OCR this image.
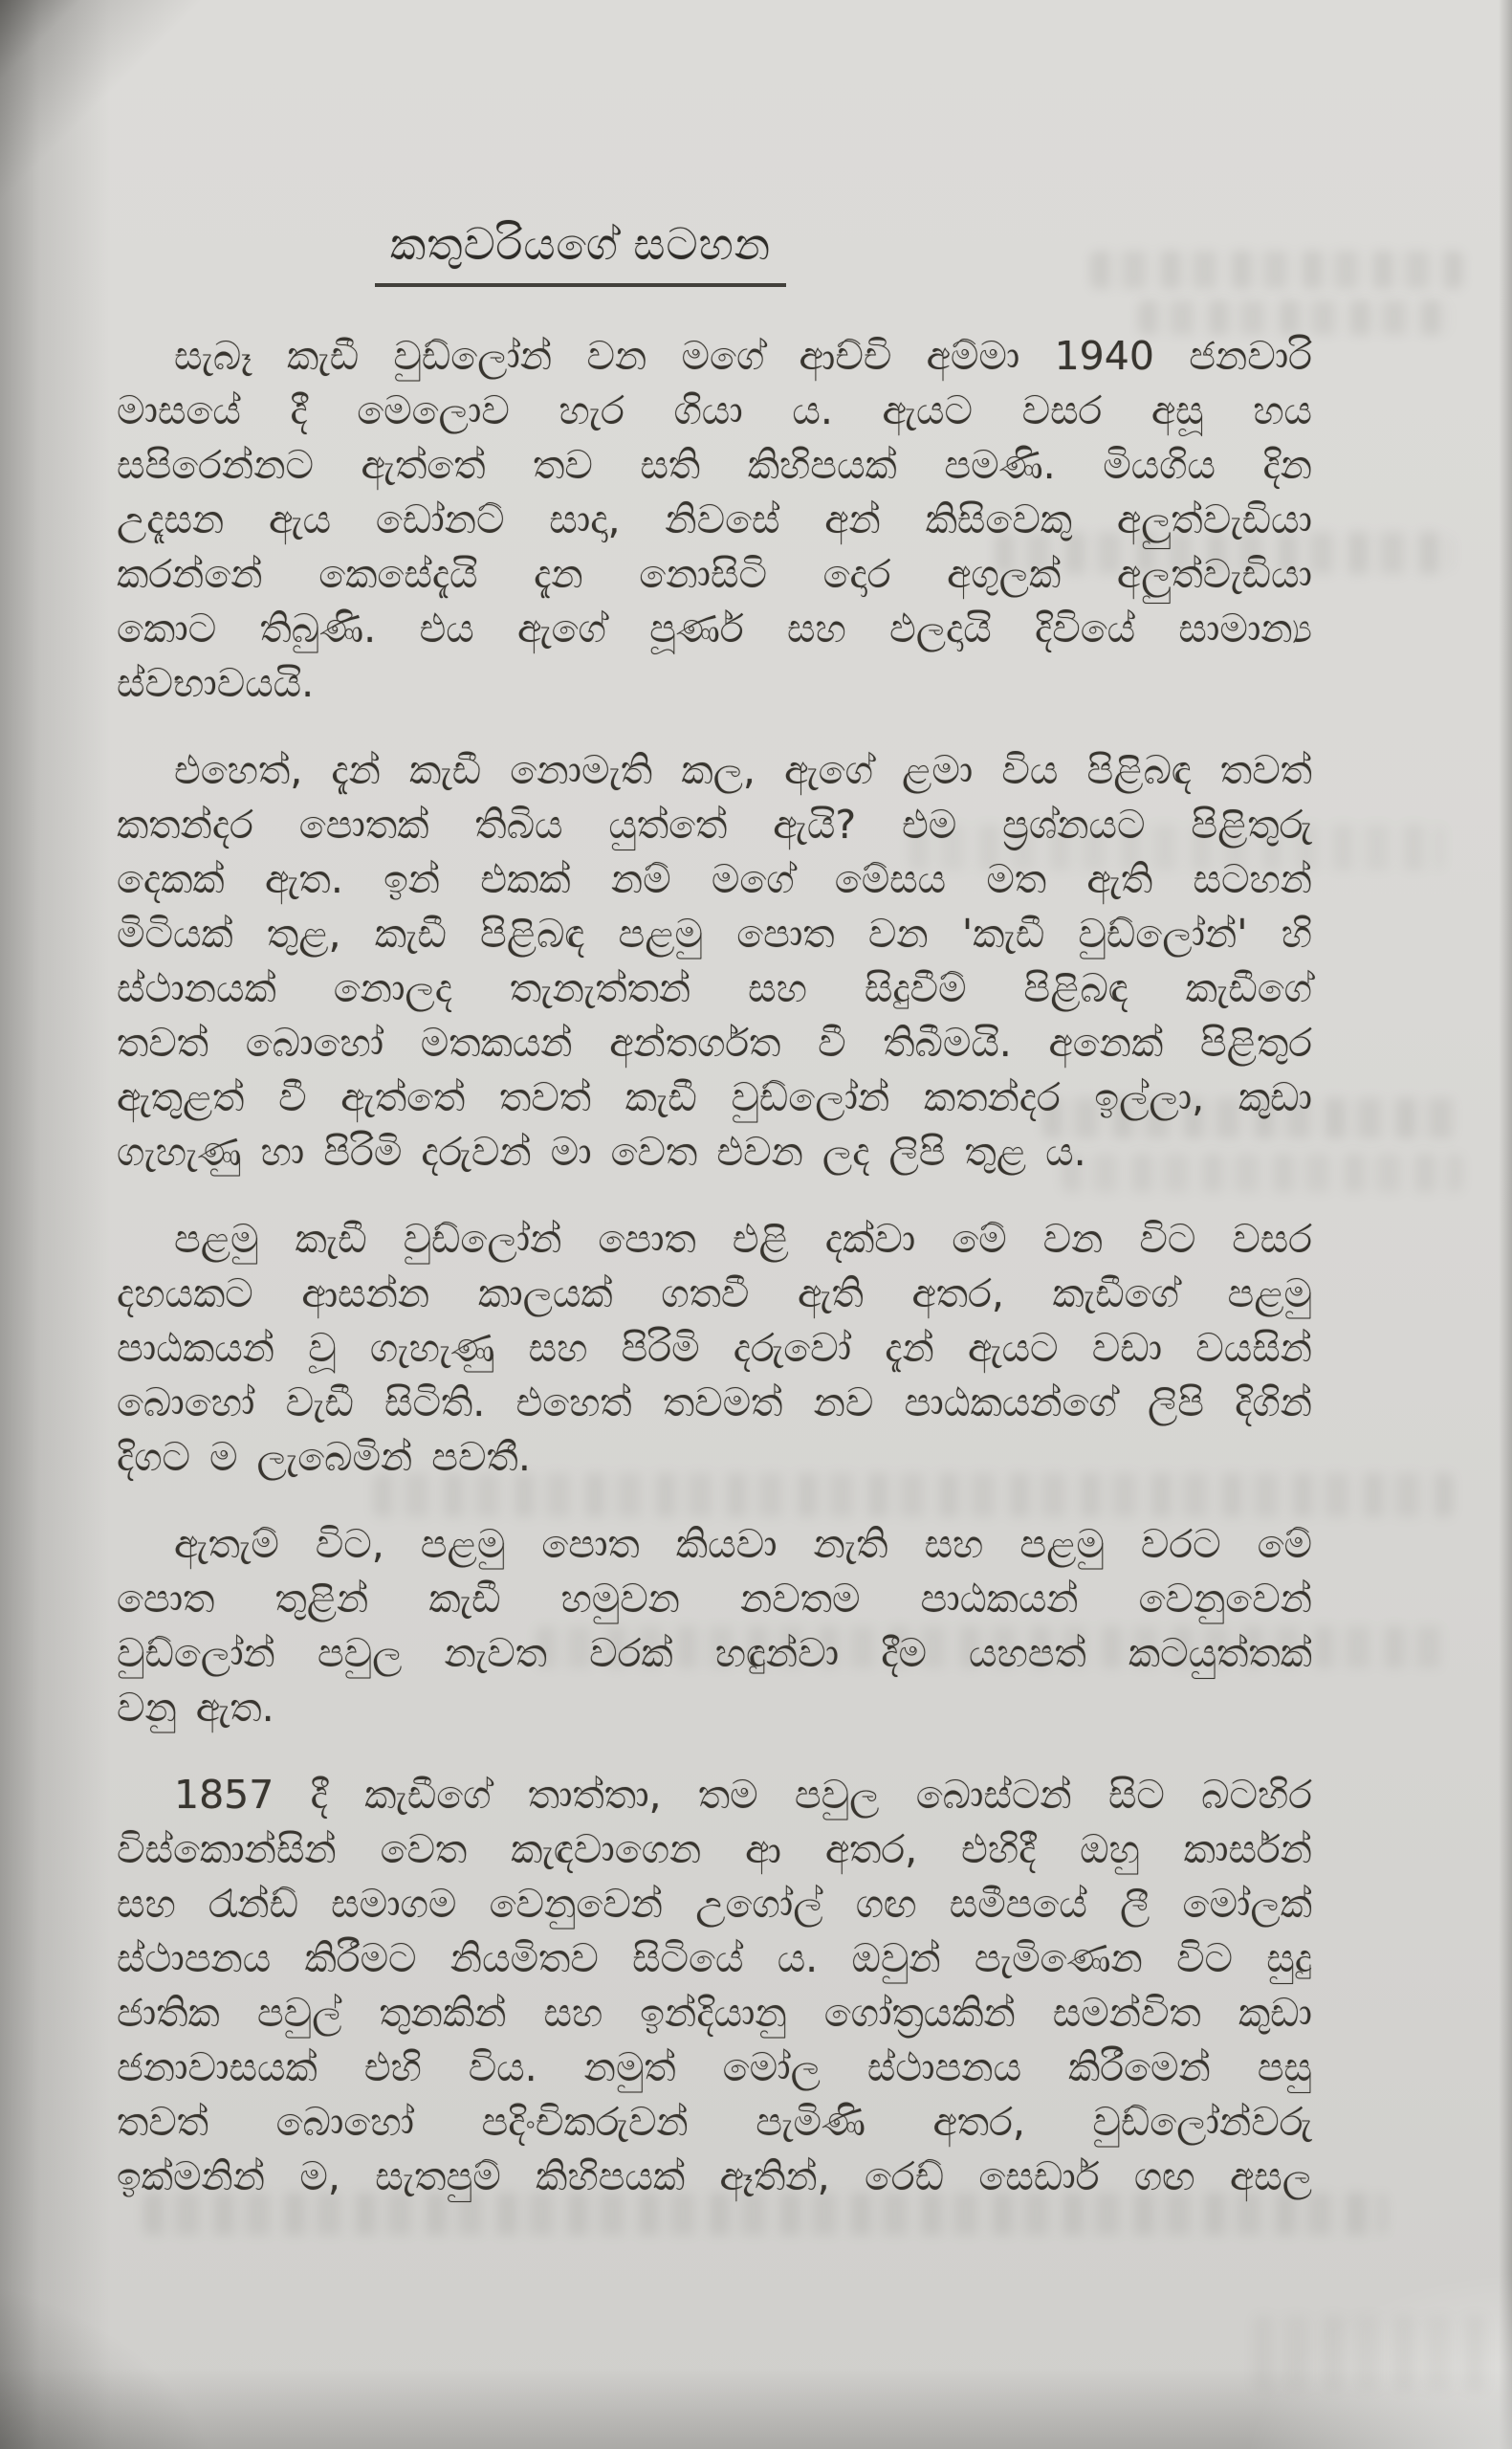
කතුවරියගේ සටහන

සැබෑ කැඩී වුඩ්ලෝන් වන මගේ ආච්චි අම්මා 1940 ජනවාරි
මාසයේ දී මෙලොව හැර ගියා ය. ඇයට වසර අසූ හය
සපිරෙන්නට ඇත්තේ තව සති කිහිපයක් පමණි. මියගිය දින
උදෑසන ඇය ඩෝනට් සාදා, නිවසේ අන් කිසිවෙකු අලුත්වැඩියා
කරන්නේ කෙසේදැයි දැන නොසිටි දොර අගුලක් අලුත්වැඩියා
කොට තිබුණි. එය ඇගේ පූර්ණ සහ ඵලදායි දිවියේ සාමාන්‍ය
ස්වභාවයයි.

එහෙත්, දැන් කැඩී නොමැති කල, ඇගේ ළමා විය පිළිබඳ තවත්
කතන්දර පොතක් තිබිය යුත්තේ ඇයි? එම ප්‍රශ්නයට පිළිතුරු
දෙකක් ඇත. ඉන් එකක් නම් මගේ මේසය මත ඇති සටහන්
මිටියක් තුළ, කැඩී පිළිබඳ පළමු පොත වන 'කැඩී වුඩ්ලෝන්' හි
ස්ථානයක් නොලද තැනැත්තන් සහ සිදුවීම් පිළිබඳ කැඩීගේ
තවත් බොහෝ මතකයන් අන්තර්ගත වී තිබීමයි. අනෙක් පිළිතුර
ඇතුළත් වී ඇත්තේ තවත් කැඩී වුඩ්ලෝන් කතන්දර ඉල්ලා, කුඩා
ගැහැණු හා පිරිමි දරුවන් මා වෙත එවන ලද ලිපි තුළ ය.

පළමු කැඩී වුඩ්ලෝන් පොත එළි දක්වා මේ වන විට වසර
දහයකට ආසන්න කාලයක් ගතවී ඇති අතර, කැඩීගේ පළමු
පාඨකයන් වූ ගැහැණු සහ පිරිමි දරුවෝ දැන් ඇයට වඩා වයසින්
බොහෝ වැඩී සිටිති. එහෙත් තවමත් නව පාඨකයන්ගේ ලිපි දිගින්
දිගට ම ලැබෙමින් පවතී.

ඇතැම් විට, පළමු පොත කියවා නැති සහ පළමු වරට මේ
පොත තුළින් කැඩී හමුවන නවතම පාඨකයන් වෙනුවෙන්
වුඩ්ලෝන් පවුල නැවත වරක් හඳුන්වා දීම යහපත් කටයුත්තක්
වනු ඇත.

1857 දී කැඩීගේ තාත්තා, තම පවුල බොස්ටන් සිට බටහිර
විස්කොන්සින් වෙත කැඳවාගෙන ආ අතර, එහිදී ඔහු කාර්සන්
සහ රැන්ඩ් සමාගම වෙනුවෙන් උගෝල් ගඟ සමීපයේ ලී මෝලක්
ස්ථාපනය කිරීමට නියමිතව සිටියේ ය. ඔවුන් පැමිණෙන විට සුදු
ජාතික පවුල් තුනකින් සහ ඉන්දියානු ගෝත්‍රයකින් සමන්විත කුඩා
ජනාවාසයක් එහි විය. නමුත් මෝල ස්ථාපනය කිරීමෙන් පසු
තවත් බොහෝ පදිංචිකරුවන් පැමිණි අතර, වුඩ්ලෝන්වරු
ඉක්මනින් ම, සැතපුම් කිහිපයක් ඈතින්, රෙඩ් සෙඩාර් ගඟ අසල
